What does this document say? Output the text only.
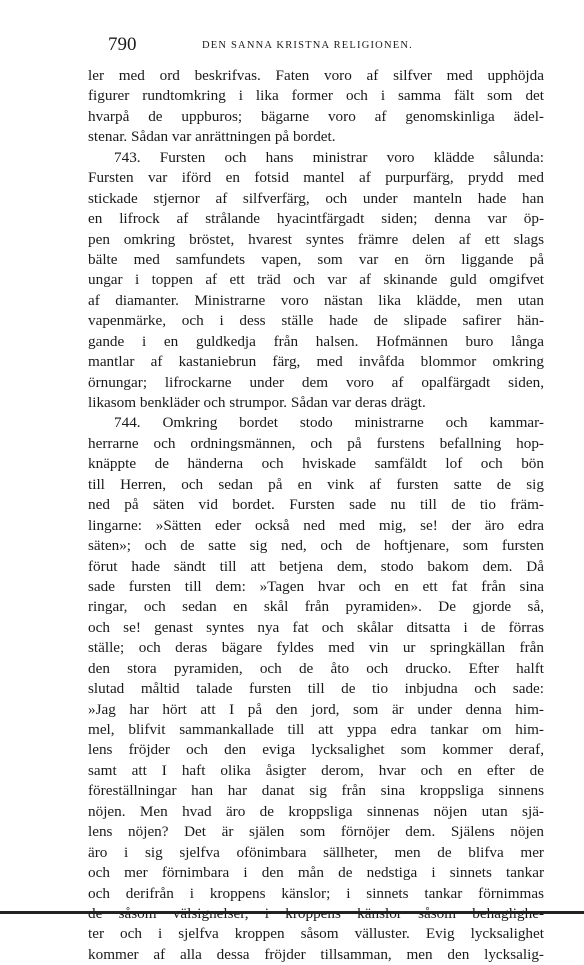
790	DEN SANNA KRISTNA RELIGIONEN.
ler med ord beskrifvas. Faten voro af silfver med upphöjda
figurer rundtomkring i lika former och i samma fält som det
hvarpå de uppburos; bägarne voro af genomskinliga ädel-
stenar. Sådan var anrättningen på bordet.
743. Fursten och hans ministrar voro klädde sålunda:
Fursten var iförd en fotsid mantel af purpurfärg, prydd med
stickade stjernor af silfverfärg, och under manteln hade han
en lifrock af strålande hyacintfärgadt siden; denna var öp-
pen omkring bröstet, hvarest syntes främre delen af ett slags
bälte med samfundets vapen, som var en örn liggande på
ungar i toppen af ett träd och var af skinande guld omgifvet
af diamanter. Ministrarne voro nästan lika klädde, men utan
vapenmärke, och i dess ställe hade de slipade safirer hän-
gande i en guldkedja från halsen. Hofmännen buro långa
mantlar af kastaniebrun färg, med invåfda blommor omkring
örnungar; lifrockarne under dem voro af opalfärgadt siden,
likasom benkläder och strumpor. Sådan var deras drägt.
744. Omkring bordet stodo ministrarne och kammar-
herrarne och ordningsmännen, och på furstens befallning hop-
knäppte de händerna och hviskade samfäldt lof och bön
till Herren, och sedan på en vink af fursten satte de sig
ned på säten vid bordet. Fursten sade nu till de tio främ-
lingarne: »Sätten eder också ned med mig, se! der äro edra
säten»; och de satte sig ned, och de hoftjenare, som fursten
förut hade sändt till att betjena dem, stodo bakom dem. Då
sade fursten till dem: »Tagen hvar och en ett fat från sina
ringar, och sedan en skål från pyramiden». De gjorde så,
och se! genast syntes nya fat och skålar ditsatta i de förras
ställe; och deras bägare fyldes med vin ur springkällan från
den stora pyramiden, och de åto och drucko. Efter halft
slutad måltid talade fursten till de tio inbjudna och sade:
»Jag har hört att I på den jord, som är under denna him-
mel, blifvit sammankallade till att yppa edra tankar om him-
lens fröjder och den eviga lycksalighet som kommer deraf,
samt att I haft olika åsigter derom, hvar och en efter de
föreställningar han har danat sig från sina kroppsliga sinnens
nöjen. Men hvad äro de kroppsliga sinnenas nöjen utan sjä-
lens nöjen? Det är själen som förnöjer dem. Själens nöjen
äro i sig sjelfva ofönimbara sällheter, men de blifva mer
och mer förnimbara i den mån de nedstiga i sinnets tankar
och derifrån i kroppens känslor; i sinnets tankar förnimmas
ter och i sjelfva kroppen såsom välluster. Evig lycksalighet
kommer af alla dessa fröjder tillsamman, men den lycksalig-
